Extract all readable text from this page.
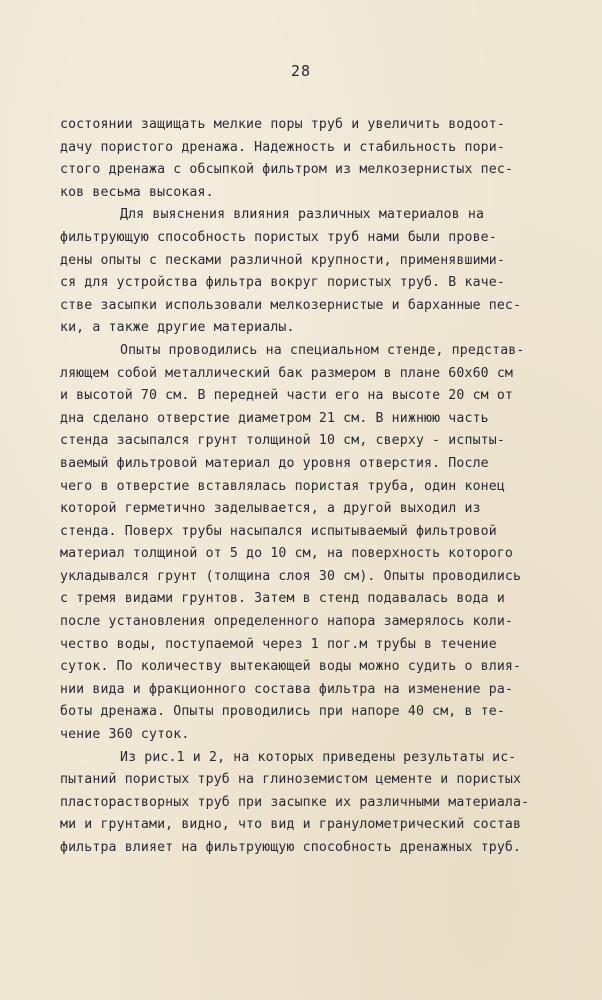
28
состоянии защищать мелкие поры труб и увеличить водоот-
дачу пористого дренажа. Надежность и стабильность пори-
стого дренажа с обсыпкой фильтром из мелкозернистых пес-
ков весьма высокая.
Для выяснения влияния различных материалов на
фильтрующую способность пористых труб нами были прове-
дены опыты с песками различной крупности, применявшими-
ся для устройства фильтра вокруг пористых труб. В каче-
стве засыпки использовали мелкозернистые и барханные пес-
ки, а также другие материалы.
Опыты проводились на специальном стенде, представ-
ляющем собой металлический бак размером в плане 60х60 см
и высотой 70 см. В передней части его на высоте 20 см от
дна сделано отверстие диаметром 21 см. В нижнюю часть
стенда засыпался грунт толщиной 10 см, сверху - испыты-
ваемый фильтровой материал до уровня отверстия. После
чего в отверстие вставлялась пористая труба, один конец
которой герметично заделывается, а другой выходил из
стенда. Поверх трубы насыпался испытываемый фильтровой
материал толщиной от 5 до 10 см, на поверхность которого
укладывался грунт (толщина слоя 30 см). Опыты проводились
с тремя видами грунтов. Затем в стенд подавалась вода и
после установления определенного напора замерялось коли-
чество воды, поступаемой через 1 пог.м трубы в течение
суток. По количеству вытекающей воды можно судить о влия-
нии вида и фракционного состава фильтра на изменение ра-
боты дренажа. Опыты проводились при напоре 40 см, в те-
чение 360 суток.
Из рис.1 и 2, на которых приведены результаты ис-
пытаний пористых труб на глиноземистом цементе и пористых
пласторастворных труб при засыпке их различными материала-
ми и грунтами, видно, что вид и гранулометрический состав
фильтра влияет на фильтрующую способность дренажных труб.
